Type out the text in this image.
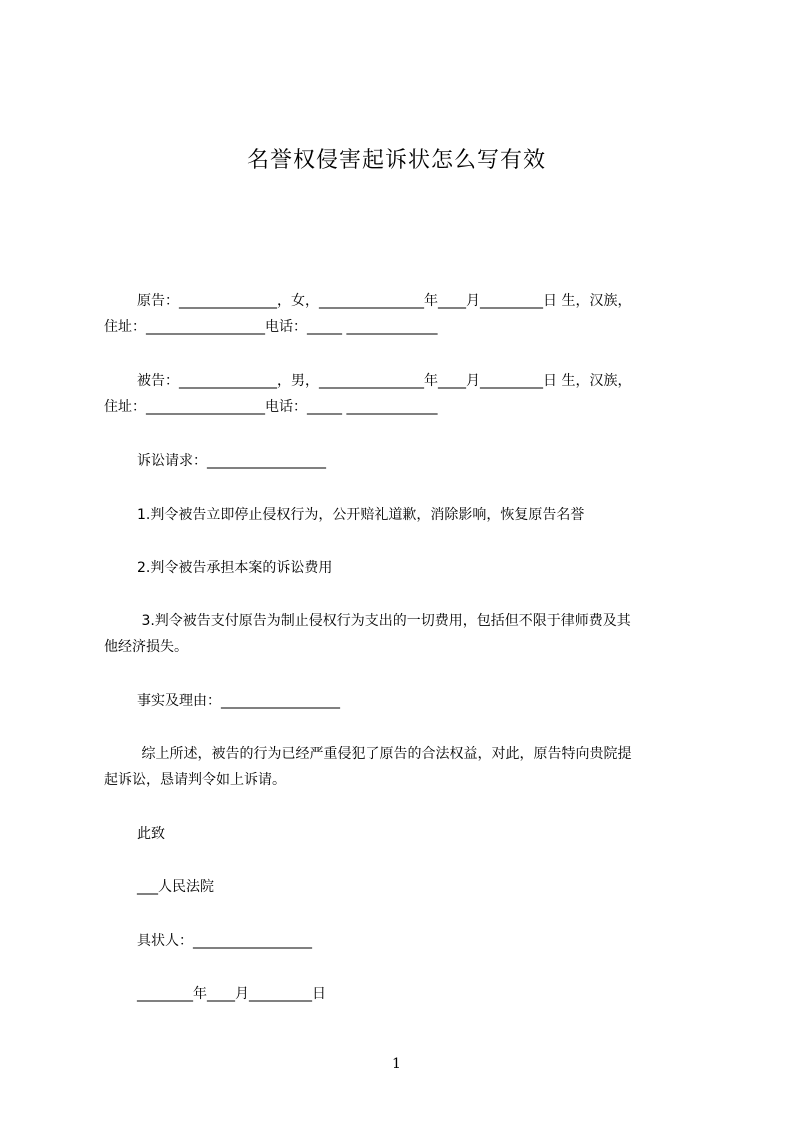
名誉权侵害起诉状怎么写有效
原告：______________，女，_______________年____月_________日 生，汉族，
住址：_________________电话：_____ _____________
被告：______________，男，_______________年____月_________日 生，汉族，
住址：_________________电话：_____ _____________
诉讼请求：_________________
1.判令被告立即停止侵权行为，公开赔礼道歉，消除影响，恢复原告名誉
2.判令被告承担本案的诉讼费用
3.判令被告支付原告为制止侵权行为支出的一切费用，包括但不限于律师费及其
他经济损失。
事实及理由：_________________
综上所述，被告的行为已经严重侵犯了原告的合法权益，对此，原告特向贵院提
起诉讼，恳请判令如上诉请。
此致
___人民法院
具状人：_________________
________年____月_________日
1
